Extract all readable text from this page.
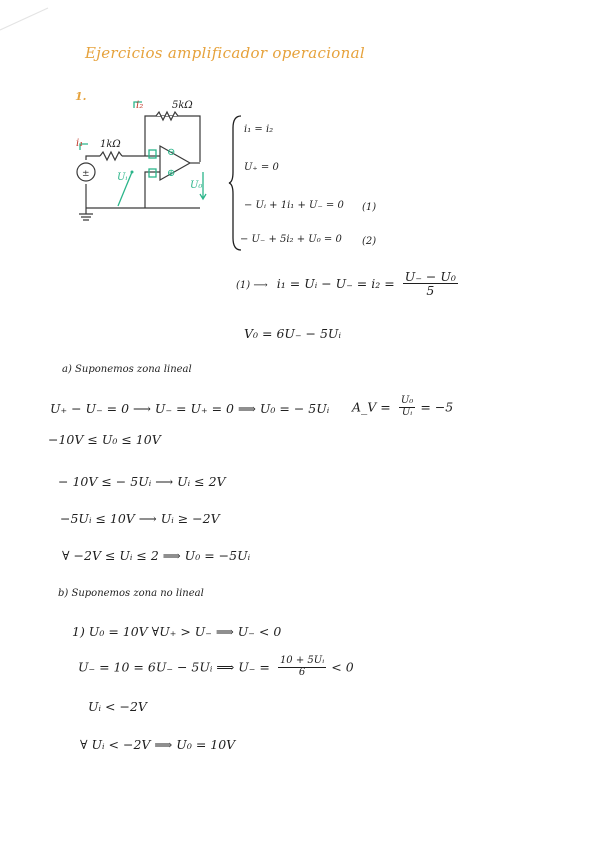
Ejercicios amplificador operacional
1.
±
i₂	5kΩ
i₁ 1kΩ
⊖
⊕
Uᵢ
U₀
i₁ = i₂
U₊ = 0
− Uᵢ + 1i₁ + U₋ = 0 (1)
− U₋ + 5i₂ + U₀ = 0 (2)
(1) ⟶ i₁ = Uᵢ − $U_- = i_2 = \frac{\text{U₋ − U₀}}{5}$
V₀ = 6U₋ − 5Uᵢ
a) Suponemos zona lineal
U₊ − U₋ = 0 ⟶ U₋ = U₊ = 0 ⟹ U₀ = − 5Uᵢ A_V = $\frac{\text{U₀}}{\text{Uᵢ}} = -5$
−10V ≤ U₀ ≤ 10V
− 10V ≤ − 5Uᵢ ⟶ Uᵢ ≤ 2V
−5Uᵢ ≤ 10V ⟶ Uᵢ ≥ −2V
∀ −2V ≤ Uᵢ ≤ 2 ⟹ U₀ = −5Uᵢ
b) Suponemos zona no lineal
1) U₀ = 10V ∀U₊ > U₋ ⟹ U₋ < 0
U₋ = 10 = 6U₋ − 5Uᵢ ⟹ $U_- = \frac{\text{10 + 5Uᵢ}}{6} < 0$
Uᵢ < −2V
∀ Uᵢ < −2V ⟹ U₀ = 10V
